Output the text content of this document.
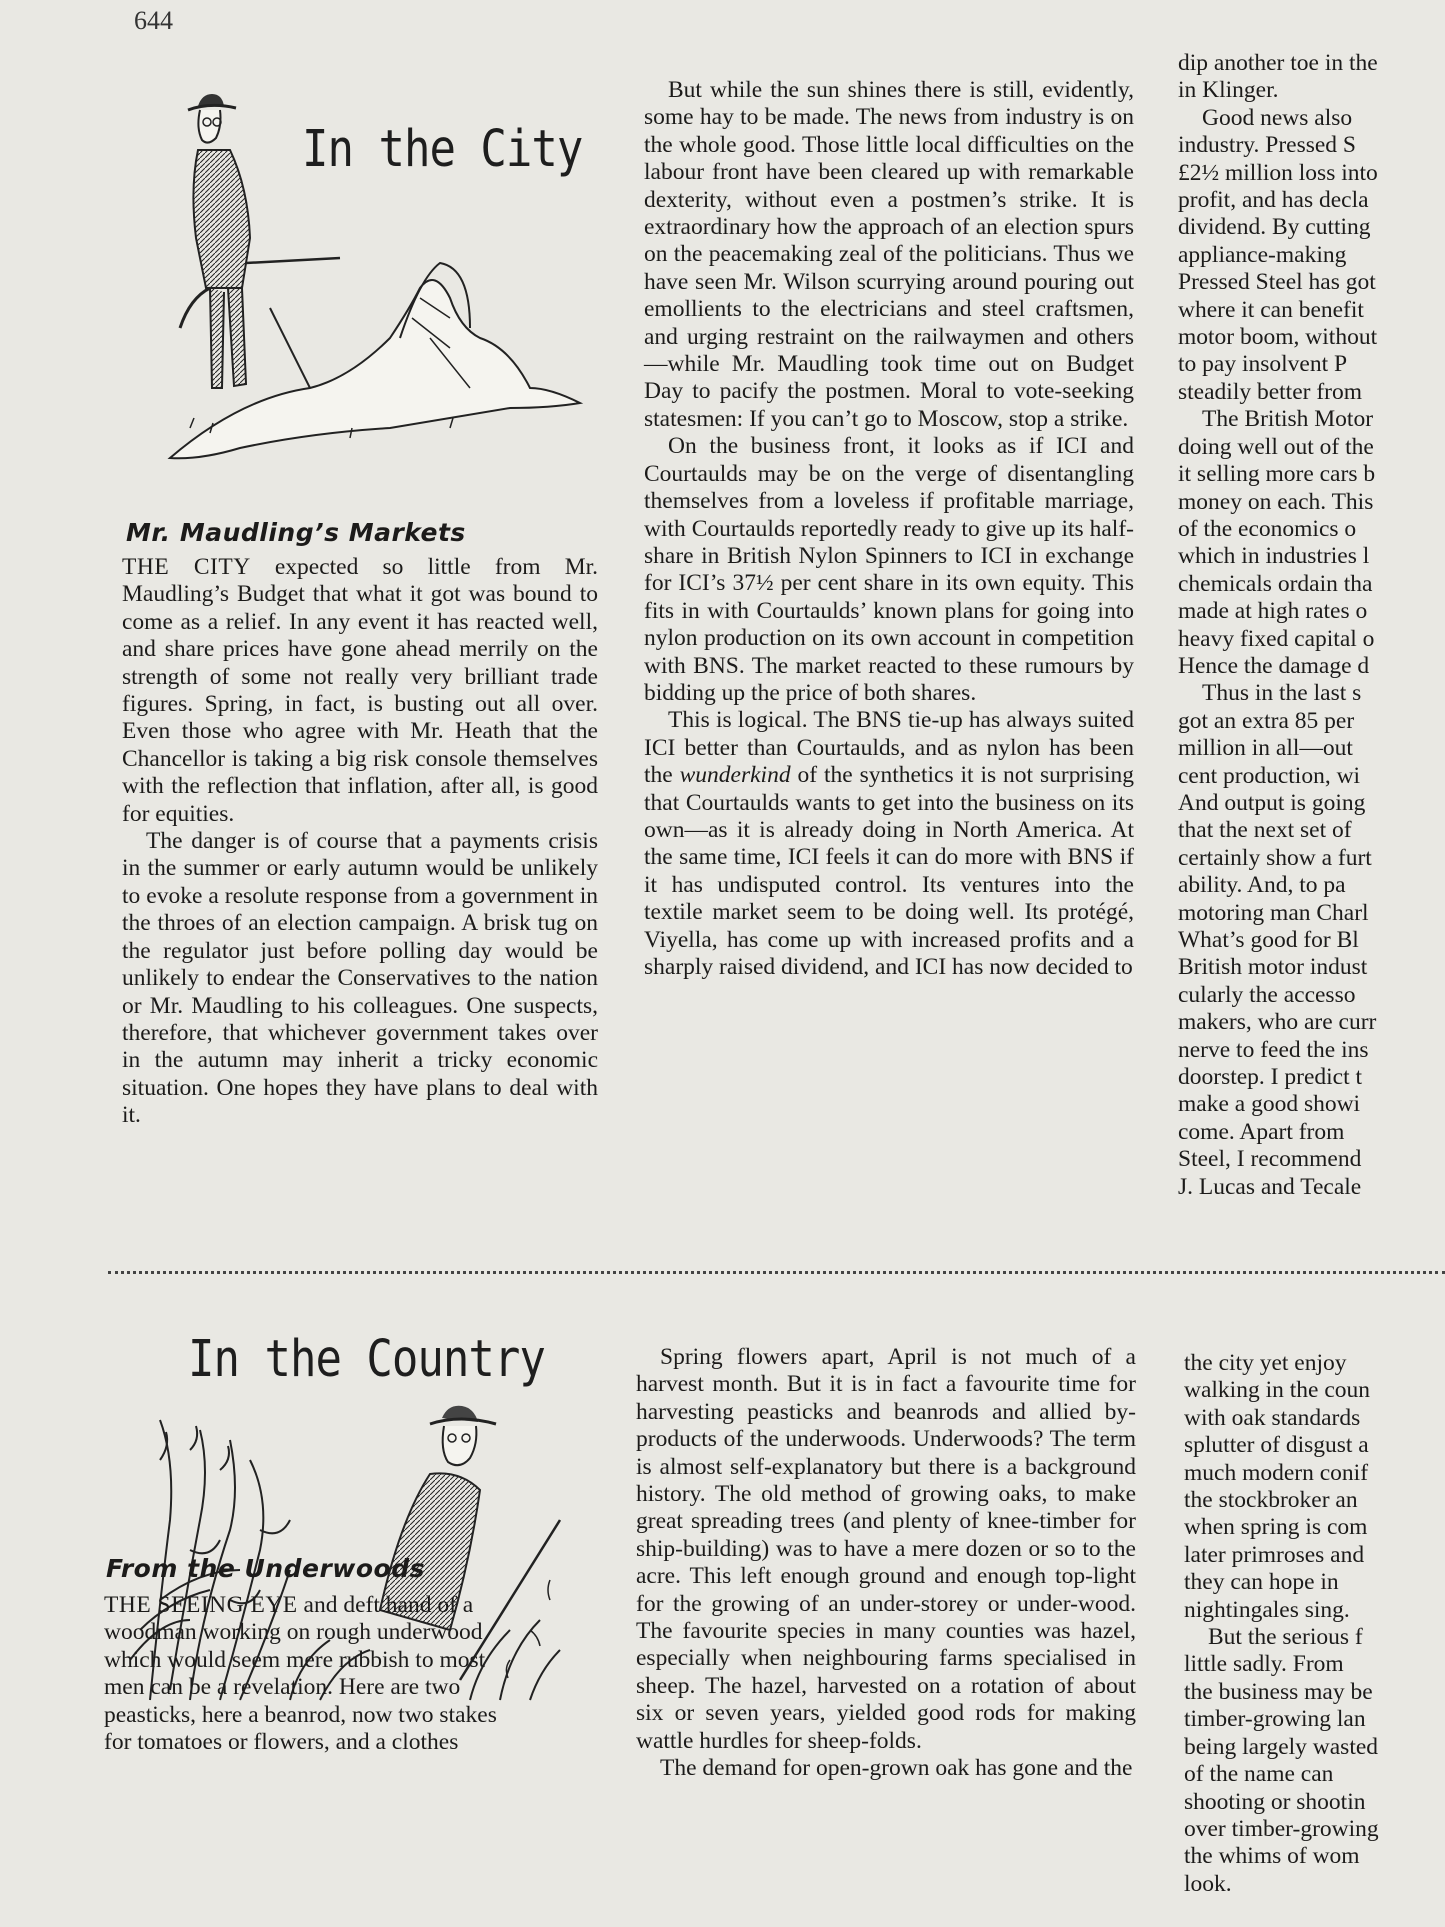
644
In the City
Mr. Maudling’s Markets

THE CITY expected so little from Mr. Maudling’s Budget that what it got was bound to come as a relief. In any event it has reacted well, and share prices have gone ahead merrily on the strength of some not really very brilliant trade figures. Spring, in fact, is busting out all over. Even those who agree with Mr. Heath that the Chancellor is taking a big risk console themselves with the reflection that inflation, after all, is good for equities.

The danger is of course that a payments crisis in the summer or early autumn would be unlikely to evoke a resolute response from a government in the throes of an election campaign. A brisk tug on the regulator just before polling day would be unlikely to endear the Conservatives to the nation or Mr. Maudling to his colleagues. One suspects, therefore, that whichever government takes over in the autumn may inherit a tricky economic situation. One hopes they have plans to deal with it.

But while the sun shines there is still, evidently, some hay to be made. The news from industry is on the whole good. Those little local difficulties on the labour front have been cleared up with remarkable dexterity, without even a postmen’s strike. It is extraordinary how the approach of an election spurs on the peacemaking zeal of the politicians. Thus we have seen Mr. Wilson scurrying around pouring out emollients to the electricians and steel craftsmen, and urging restraint on the railwaymen and others—while Mr. Maudling took time out on Budget Day to pacify the postmen. Moral to vote-seeking statesmen: If you can’t go to Moscow, stop a strike.

On the business front, it looks as if ICI and Courtaulds may be on the verge of disentangling themselves from a loveless if profitable marriage, with Courtaulds reportedly ready to give up its half-share in British Nylon Spinners to ICI in exchange for ICI’s 37½ per cent share in its own equity. This fits in with Courtaulds’ known plans for going into nylon production on its own account in competition with BNS. The market reacted to these rumours by bidding up the price of both shares.

This is logical. The BNS tie-up has always suited ICI better than Courtaulds, and as nylon has been the wunderkind of the synthetics it is not surprising that Courtaulds wants to get into the business on its own—as it is already doing in North America. At the same time, ICI feels it can do more with BNS if it has undisputed control. Its ventures into the textile market seem to be doing well. Its protégé, Viyella, has come up with increased profits and a sharply raised dividend, and ICI has now decided to

dip another toe in the
in Klinger.
Good news also
industry. Pressed S
£2½ million loss into
profit, and has decla
dividend. By cutting
appliance-making
Pressed Steel has got
where it can benefit
motor boom, without
to pay insolvent P
steadily better from
The British Motor
doing well out of the
it selling more cars b
money on each. This
of the economics o
which in industries l
chemicals ordain tha
made at high rates o
heavy fixed capital o
Hence the damage d
Thus in the last s
got an extra 85 per
million in all—out
cent production, wi
And output is going
that the next set of
certainly show a furt
ability. And, to pa
motoring man Charl
What’s good for Bl
British motor indust
cularly the accesso
makers, who are curr
nerve to feed the ins
doorstep. I predict t
make a good showi
come. Apart from
Steel, I recommend
J. Lucas and Tecale
In the Country
From the Underwoods
THE SEEING EYE and deft hand of a
woodman working on rough underwood
which would seem mere rubbish to most
men can be a revelation. Here are two
peasticks, here a beanrod, now two stakes
for tomatoes or flowers, and a clothes

Spring flowers apart, April is not much of a harvest month. But it is in fact a favourite time for harvesting peasticks and beanrods and allied by-products of the underwoods. Underwoods? The term is almost self-explanatory but there is a background history. The old method of growing oaks, to make great spreading trees (and plenty of knee-timber for ship-building) was to have a mere dozen or so to the acre. This left enough ground and enough top-light for the growing of an under-storey or under-wood. The favourite species in many counties was hazel, especially when neighbouring farms specialised in sheep. The hazel, harvested on a rotation of about six or seven years, yielded good rods for making wattle hurdles for sheep-folds.

The demand for open-grown oak has gone and the

the city yet enjoy
walking in the coun
with oak standards
splutter of disgust a
much modern conif
the stockbroker an
when spring is com
later primroses and
they can hope in
nightingales sing.
But the serious f
little sadly. From
the business may be
timber-growing lan
being largely wasted
of the name can
shooting or shootin
over timber-growing
the whims of wom
look.
